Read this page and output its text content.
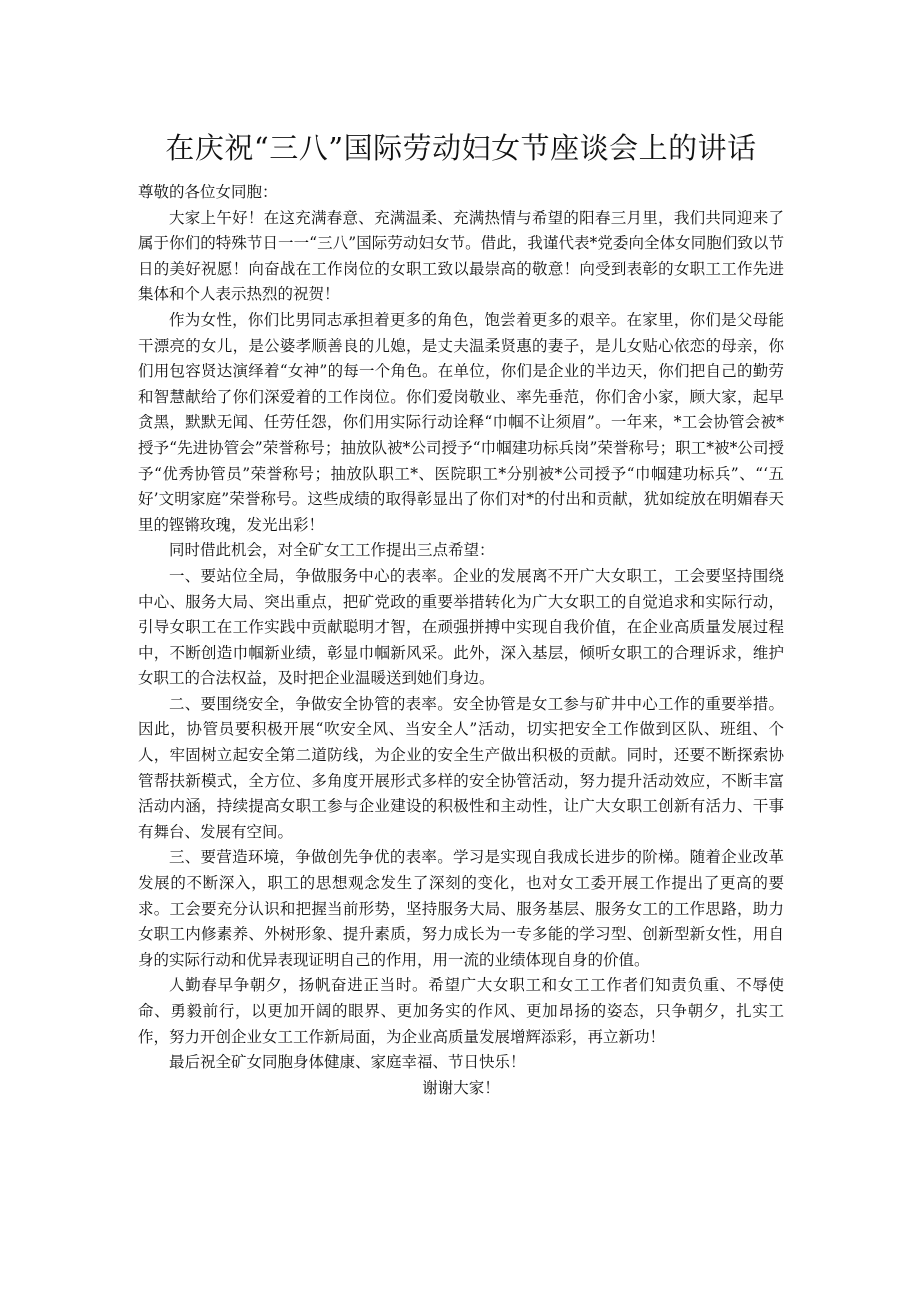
在庆祝“三八”国际劳动妇女节座谈会上的讲话

尊敬的各位女同胞：

大家上午好！在这充满春意、充满温柔、充满热情与希望的阳春三月里，我们共同迎来了属于你们的特殊节日一一“三八”国际劳动妇女节。借此，我谨代表*党委向全体女同胞们致以节日的美好祝愿！向奋战在工作岗位的女职工致以最崇高的敬意！向受到表彰的女职工工作先进集体和个人表示热烈的祝贺！

作为女性，你们比男同志承担着更多的角色，饱尝着更多的艰辛。在家里，你们是父母能干漂亮的女儿，是公婆孝顺善良的儿媳，是丈夫温柔贤惠的妻子，是儿女贴心依恋的母亲，你们用包容贤达演绎着“女神”的每一个角色。在单位，你们是企业的半边天，你们把自己的勤劳和智慧献给了你们深爱着的工作岗位。你们爱岗敬业、率先垂范，你们舍小家，顾大家，起早贪黑，默默无闻、任劳任怨，你们用实际行动诠释“巾帼不让须眉”。一年来，*工会协管会被*授予“先进协管会”荣誉称号；抽放队被*公司授予“巾帼建功标兵岗”荣誉称号；职工*被*公司授予“优秀协管员”荣誉称号；抽放队职工*、医院职工*分别被*公司授予“巾帼建功标兵”、“‘五好’文明家庭”荣誉称号。这些成绩的取得彰显出了你们对*的付出和贡献，犹如绽放在明媚春天里的铿锵玫瑰，发光出彩！

同时借此机会，对全矿女工工作提出三点希望：

一、要站位全局，争做服务中心的表率。企业的发展离不开广大女职工，工会要坚持围绕中心、服务大局、突出重点，把矿党政的重要举措转化为广大女职工的自觉追求和实际行动，引导女职工在工作实践中贡献聪明才智，在顽强拼搏中实现自我价值，在企业高质量发展过程中，不断创造巾帼新业绩，彰显巾帼新风采。此外，深入基层，倾听女职工的合理诉求，维护女职工的合法权益，及时把企业温暖送到她们身边。

二、要围绕安全，争做安全协管的表率。安全协管是女工参与矿井中心工作的重要举措。因此，协管员要积极开展“吹安全风、当安全人”活动，切实把安全工作做到区队、班组、个人，牢固树立起安全第二道防线，为企业的安全生产做出积极的贡献。同时，还要不断探索协管帮扶新模式，全方位、多角度开展形式多样的安全协管活动，努力提升活动效应，不断丰富活动内涵，持续提高女职工参与企业建设的积极性和主动性，让广大女职工创新有活力、干事有舞台、发展有空间。

三、要营造环境，争做创先争优的表率。学习是实现自我成长进步的阶梯。随着企业改革发展的不断深入，职工的思想观念发生了深刻的变化，也对女工委开展工作提出了更高的要求。工会要充分认识和把握当前形势，坚持服务大局、服务基层、服务女工的工作思路，助力女职工内修素养、外树形象、提升素质，努力成长为一专多能的学习型、创新型新女性，用自身的实际行动和优异表现证明自己的作用，用一流的业绩体现自身的价值。

人勤春早争朝夕，扬帆奋进正当时。希望广大女职工和女工工作者们知责负重、不辱使命、勇毅前行，以更加开阔的眼界、更加务实的作风、更加昂扬的姿态，只争朝夕，扎实工作，努力开创企业女工工作新局面，为企业高质量发展增辉添彩，再立新功！

最后祝全矿女同胞身体健康、家庭幸福、节日快乐！

谢谢大家！
